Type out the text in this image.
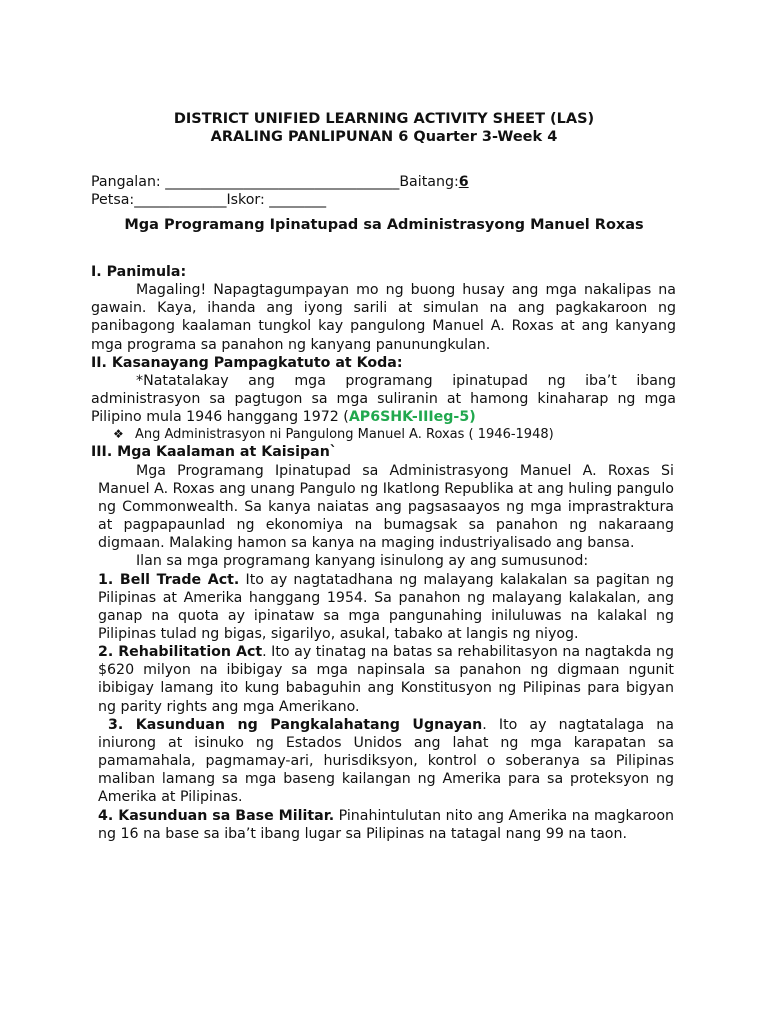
DISTRICT UNIFIED LEARNING ACTIVITY SHEET (LAS)
ARALING PANLIPUNAN 6 Quarter 3-Week 4
Pangalan: _________________________________Baitang:6
Petsa:_____________Iskor: ________
Mga Programang Ipinatupad sa Administrasyong Manuel Roxas

I. Panimula:

Magaling! Napagtagumpayan mo ng buong husay ang mga nakalipas na gawain. Kaya, ihanda ang iyong sarili at simulan na ang pagkakaroon ng panibagong kaalaman tungkol kay pangulong Manuel A. Roxas at ang kanyang mga programa sa panahon ng kanyang panunungkulan.

II. Kasanayang Pampagkatuto at Koda:

*Natatalakay ang mga programang ipinatupad ng iba’t ibang administrasyon sa pagtugon sa mga suliranin at hamong kinaharap ng mga Pilipino mula 1946 hanggang 1972 (AP6SHK-IIIeg-5)

❖ Ang Administrasyon ni Pangulong Manuel A. Roxas ( 1946-1948)

III. Mga Kaalaman at Kaisipan`

Mga Programang Ipinatupad sa Administrasyong Manuel A. Roxas Si Manuel A. Roxas ang unang Pangulo ng Ikatlong Republika at ang huling pangulo ng Commonwealth. Sa kanya naiatas ang pagsasaayos ng mga imprastraktura at pagpapaunlad ng ekonomiya na bumagsak sa panahon ng nakaraang digmaan. Malaking hamon sa kanya na maging industriyalisado ang bansa.

Ilan sa mga programang kanyang isinulong ay ang sumusunod:

1. Bell Trade Act. Ito ay nagtatadhana ng malayang kalakalan sa pagitan ng Pilipinas at Amerika hanggang 1954. Sa panahon ng malayang kalakalan, ang ganap na quota ay ipinataw sa mga pangunahing iniluluwas na kalakal ng Pilipinas tulad ng bigas, sigarilyo, asukal, tabako at langis ng niyog.

2. Rehabilitation Act. Ito ay tinatag na batas sa rehabilitasyon na nagtakda ng $620 milyon na ibibigay sa mga napinsala sa panahon ng digmaan ngunit ibibigay lamang ito kung babaguhin ang Konstitusyon ng Pilipinas para bigyan ng parity rights ang mga Amerikano.

3. Kasunduan ng Pangkalahatang Ugnayan. Ito ay nagtatalaga na iniurong at isinuko ng Estados Unidos ang lahat ng mga karapatan sa pamamahala, pagmamay-ari, hurisdiksyon, kontrol o soberanya sa Pilipinas maliban lamang sa mga baseng kailangan ng Amerika para sa proteksyon ng Amerika at Pilipinas.

4. Kasunduan sa Base Militar. Pinahintulutan nito ang Amerika na magkaroon ng 16 na base sa iba’t ibang lugar sa Pilipinas na tatagal nang 99 na taon.
